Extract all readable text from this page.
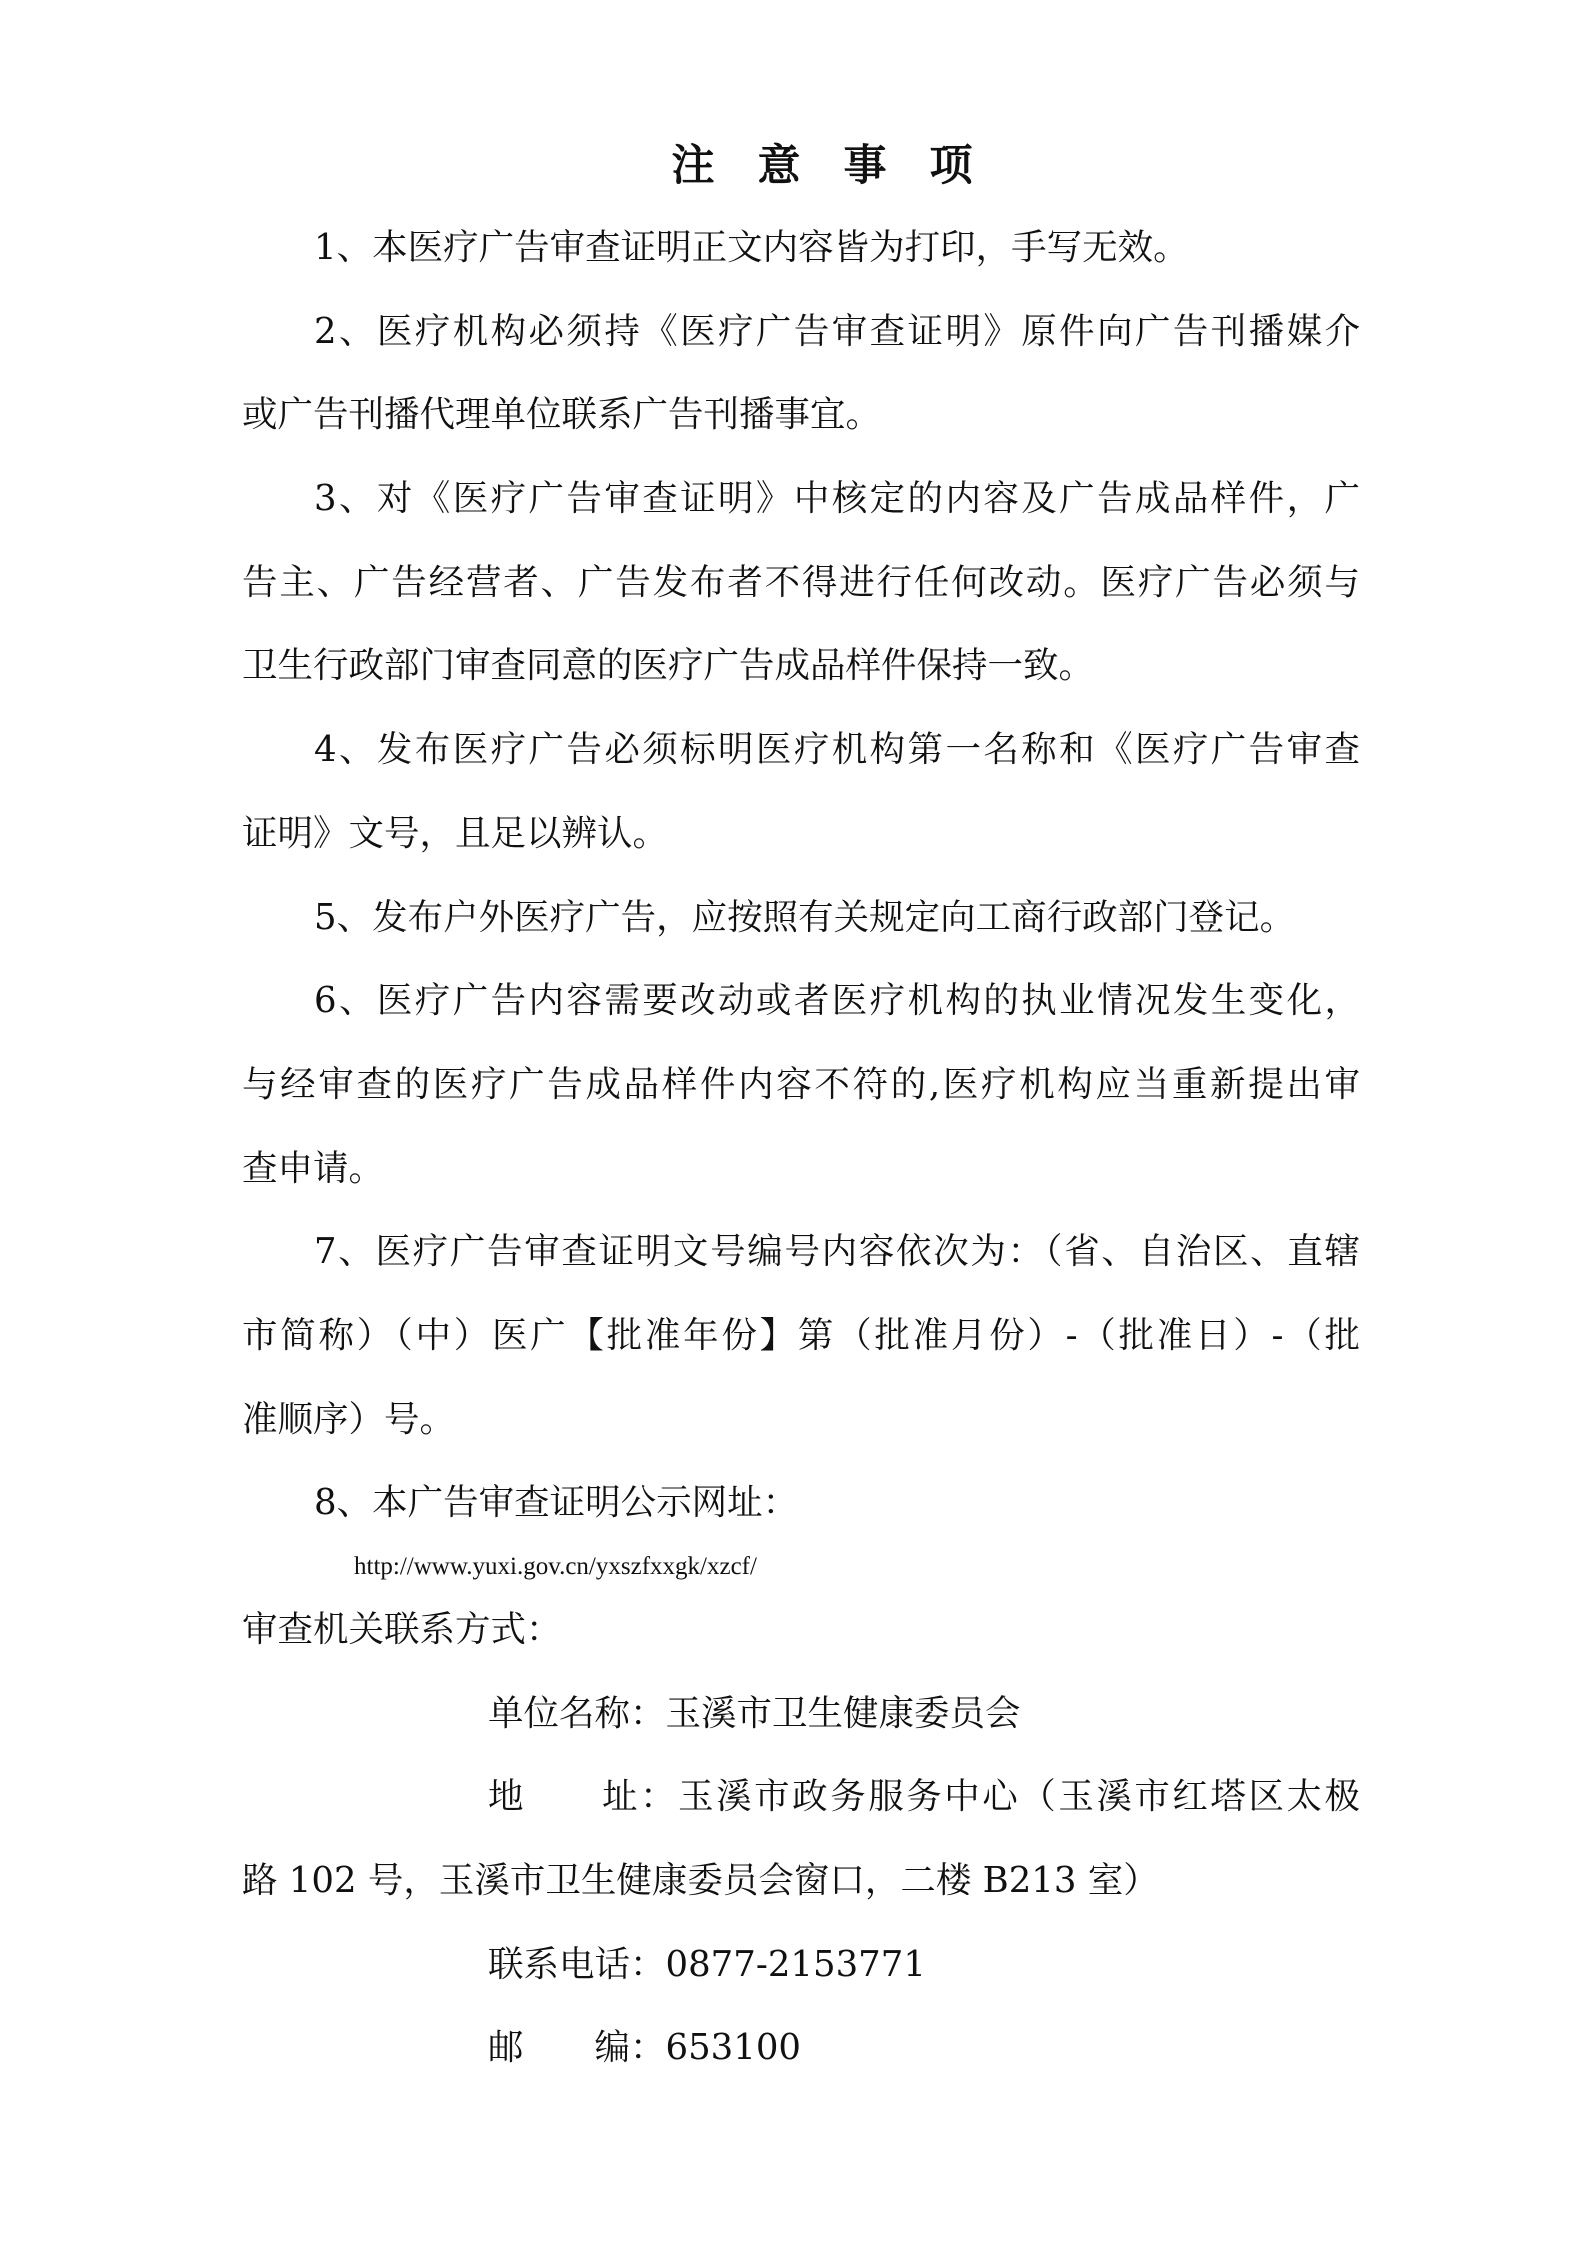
注意事项
1、本医疗广告审查证明正文内容皆为打印，手写无效。
2、医疗机构必须持《医疗广告审查证明》原件向广告刊播媒介
或广告刊播代理单位联系广告刊播事宜。
3、对《医疗广告审查证明》中核定的内容及广告成品样件，广
告主、广告经营者、广告发布者不得进行任何改动。医疗广告必须与
卫生行政部门审查同意的医疗广告成品样件保持一致。
4、发布医疗广告必须标明医疗机构第一名称和《医疗广告审查
证明》文号，且足以辨认。
5、发布户外医疗广告，应按照有关规定向工商行政部门登记。
6、医疗广告内容需要改动或者医疗机构的执业情况发生变化，
与经审查的医疗广告成品样件内容不符的,医疗机构应当重新提出审
查申请。
7、医疗广告审查证明文号编号内容依次为：（省、自治区、直辖
市简称）（中）医广【批准年份】第（批准月份）-（批准日）-（批
准顺序）号。
8、本广告审查证明公示网址：
http://www.yuxi.gov.cn/yxszfxxgk/xzcf/
审查机关联系方式：
单位名称：玉溪市卫生健康委员会
地　　址：玉溪市政务服务中心（玉溪市红塔区太极
路 102 号，玉溪市卫生健康委员会窗口，二楼 B213 室）
联系电话：0877-2153771
邮　　编：653100
